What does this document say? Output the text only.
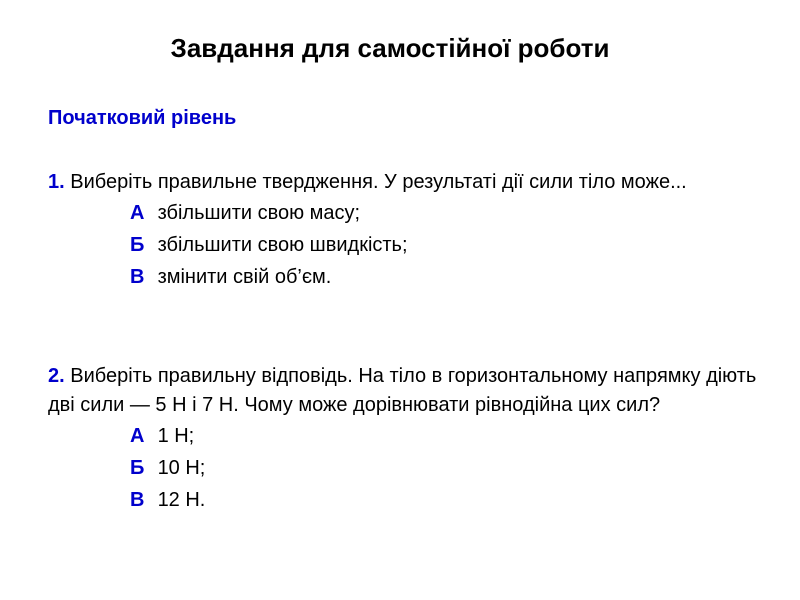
Завдання для самостійної роботи
Початковий рівень
1. Виберіть правильне твердження. У результаті дії сили тіло може...
А збільшити свою масу;
Б збільшити свою швидкість;
В змінити свій об’єм.
2. Виберіть правильну відповідь. На тіло в горизонтальному напрямку діють дві сили — 5 Н і 7 Н. Чому може дорівнювати рівнодійна цих сил?
А 1 Н;
Б 10 Н;
В 12 Н.
